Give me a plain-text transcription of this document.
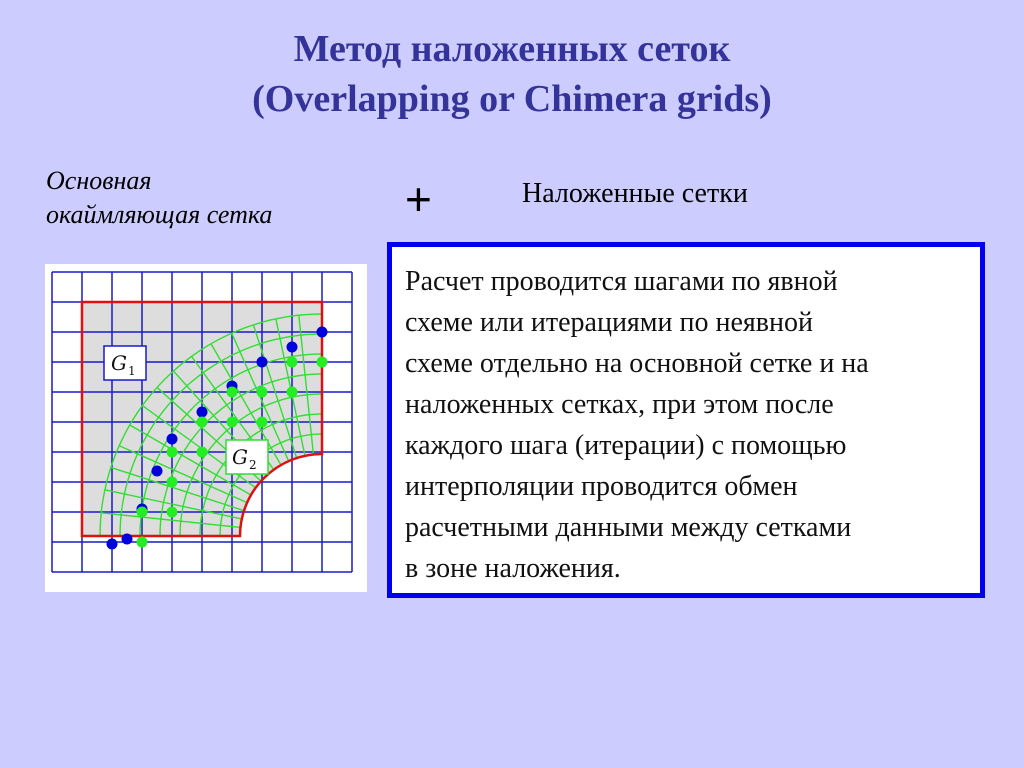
Метод наложенных сеток
(Overlapping or Chimera grids)
Основная
окаймляющая сетка	+	Наложенные сетки
G 1
G 2
Расчет проводится шагами по явной
схеме или итерациями по неявной
схеме отдельно на основной сетке и на
наложенных сетках, при этом после
каждого шага (итерации) с помощью
интерполяции проводится обмен
расчетными данными между сетками
в зоне наложения.
